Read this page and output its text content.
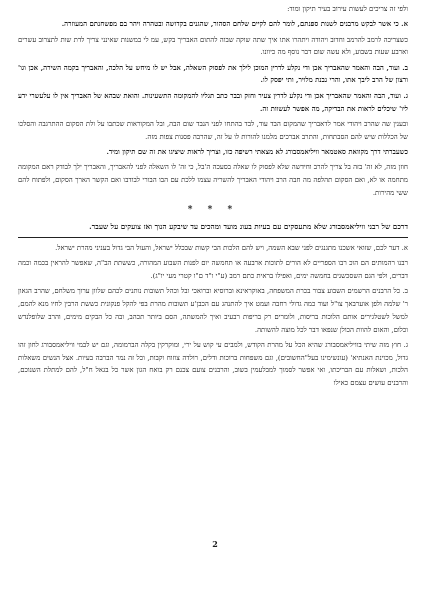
ולפי זה צריכים לעשות עירוב בעיר תיקון ומוד:

א. כי אשר לבקש מרבנים לשנות ספנתם, לומר להם לקיים שלחם הסהור, שהגנים בקדושה ובטהרה ויהר בם מפשחנתם המעוזרה.

כשצריכה לרמב להרמב וחדוב ויהודה ויתהרו אתו איך שתה שוקה שבוה להתום האבריך בקש, עמ לי במשנות שאינני צריך לדת שות לתצרוב עשרים וארבע שעות בשבוע, ולא עשה שום דבר נוסף מה כיוונו.

ב. ועוד, הבה והאמר שהאבריך אכן ודי נקלע לדרין המוכן לילך את לפסוק השאלה, אבל יש לו מיחש על הלכה, והאבריך בקמה השירה, אכן וגו' ורצון של הרב ליבך אתו, והרי נבנת מלויר, ותי יפסק לו.

ג. ועוד, הבה והאמר שהאבריך אכן ודי נקלע לדרין צעיר וחזק ובבר כתב תגליו להמקומה התשעינות. והואת שבהא של האבריך אין לו עלעשרי ידע ליו' שיכלים לראות את הבדיקה, מה אפשר לעשוות זה.

ובענין שה שהרב ויהודי אמר לדאבריך שהמקום הבד עוד, לבד בהתחו לפני הנבד שום הבה, ובל המקוראות שכתבו על ולת הסקום ההתרגבה והסלכו של הכללות שיש להם הסבתחות, והתרב אברכים מלמנו להורות לו על זה, שהרבה פסנות צפות מזה.

כשעברתי דרך מקוואת סאטמאר וויליאמסבורג לא מצאתי רשיפה כזו, וצריך לראות שיציגו את זה שם תיקון ומיד.

חוזן מזה, לא זה' בזה בל צריך להרב וחידשה שלא לפסוק לו שאלה בסעכה ה'בל, כי זה' לו השאלה לפני להאבריך, והאבריך ילך לבודק ראם המקומה מתחמה או לא, ואם הסקום תהלפה מה חבה הרב ויהודי האבריך להשריה עצמו ללכת עם הבו הבורי לבודבו ואם הקשר הארך הסקום, ולפתוח להם ששי מהירות.

* * *

דרכם של רבני וויליאמסבורג שלא מתעסקים עם בעיות בעונ מועד ומהכים עד שיבקע הנוך ואז צועקים על שעבר.

א. דער לכם, שזואי אשכנו מתגנגים לפני שבא השמה, ויש להם הלכות הבי קשות שבכלל ישראל, והעול הבי גדול בעניני מהרת ישראל.

רבנו רהמותים הם הוכ רבו הספריים לא הורים לתוכות ארבעה או תחמשה יום לפנות השבוע המהורה, כששתת הב"ה, שאפשר להראין בכמה וכמה דברים, ולפי הגם השסכשנים בחמשה ימים, ואפילו בראית כתם רמב (ע"י ו"ד ם"ו קטרי מעי יו"ג).

ב. כל הרבנים הרשמים השבוע צבור בכרת המשפחה, באוקראינא וברוסיא וברואכי ובל וכהל תשובות נותנים לכהם שלוון ערוך משלחם, שהרב הגאון ר' שלמה ולפן אוערבאך צו"ל ועוד כמה גדולי רחבה ועמט איך להתנהג עם הכבן'ע תשובות מהרת בפי להקל פנקונית כששת הרבין לחיו מנא להמם, למשל לשטלגירים אותם הלוכות בריסות, ולומרים רק בריפות רבעיב ואיך להמשתה, הסם ביותר תכהב, ובה כל הבקים מימים, והרב שלופלנדש וכלום, והאום להוות הכולן שנפאו דבר לכל מוצה להשותה.

ג. חוץ מזה שיתי בוויליאמסבורג שהיא הכל על מהרת הקודש, ולמבים עי קוש על ירי, ומוקרקין בקלה הברמומה, וגם יש לבמי וויליאמסבורג לחון זהו גדול, מכוינת האנתיא' (עונשימינו בעל"החשובים), וגם משפחות ברוכות ודלים, רולדה צוזוח וקבות, וכל זה נמר הברבה בעיות. אצל הנשים משאלות הלכות, ושאלות עם הבריכתו, ואי אפשר לסמוך למבלעמין בשוב, והרבנים צועם צכנם רק בואח הגון אשר כל בגאל ח"ל, להם למתלת השנוכם, והרבנים עושים עצמם כאילו

2
